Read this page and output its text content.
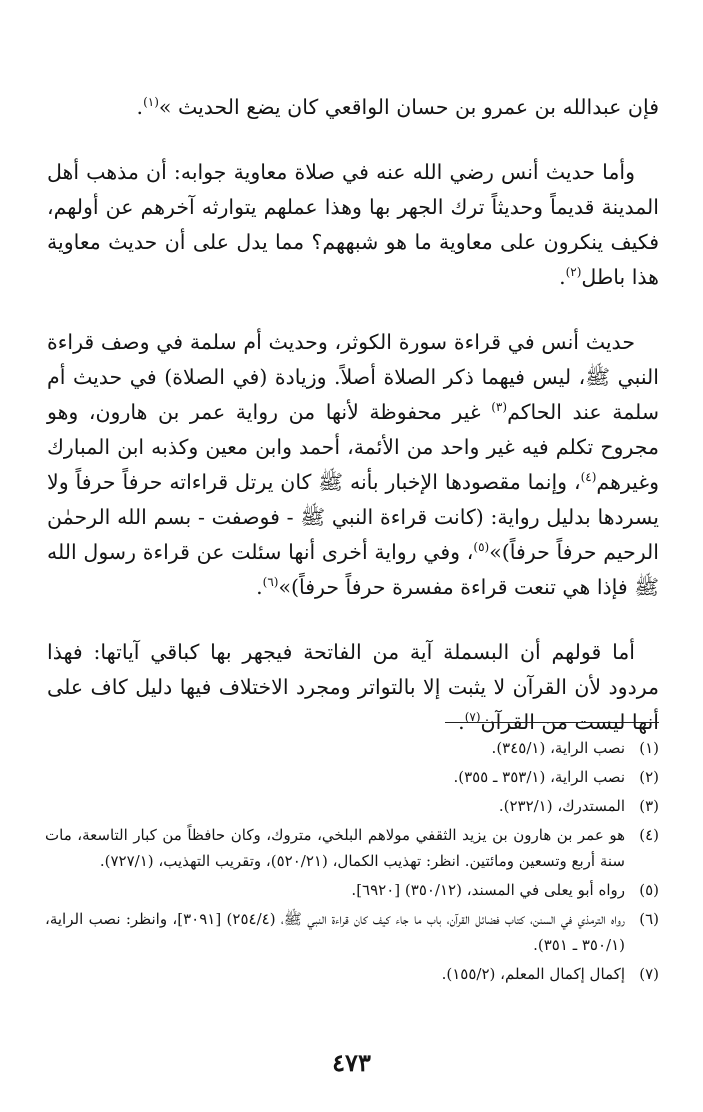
فإن عبدالله بن عمرو بن حسان الواقعي كان يضع الحديث »$^{(١)}$.

وأما حديث أنس رضي الله عنه في صلاة معاوية جوابه: أن مذهب أهل المدينة قديماً وحديثاً ترك الجهر بها وهذا عملهم يتوارثه آخرهم عن أولهم، فكيف ينكرون على معاوية ما هو شبههم؟ مما يدل على أن حديث معاوية هذا باطل$^{(٢)}$.

حديث أنس في قراءة سورة الكوثر، وحديث أم سلمة في وصف قراءة النبي ﷺ، ليس فيهما ذكر الصلاة أصلاً. وزيادة (في الصلاة) في حديث أم سلمة عند الحاكم$^{(٣)}$ غير محفوظة لأنها من رواية عمر بن هارون، وهو مجروح تكلم فيه غير واحد من الأئمة، أحمد وابن معين وكذبه ابن المبارك وغيرهم$^{(٤)}$، وإنما مقصودها الإخبار بأنه ﷺ كان يرتل قراءاته حرفاً حرفاً ولا يسردها بدليل رواية: (كانت قراءة النبي ﷺ - فوصفت - بسم الله الرحمٰن الرحيم حرفاً حرفاً)»$^{(٥)}$، وفي رواية أخرى أنها سئلت عن قراءة رسول الله ﷺ فإذا هي تنعت قراءة مفسرة حرفاً حرفاً)»$^{(٦)}$.

أما قولهم أن البسملة آية من الفاتحة فيجهر بها كباقي آياتها: فهذا مردود لأن القرآن لا يثبت إلا بالتواتر ومجرد الاختلاف فيها دليل كاف على أنها ليست من القرآن$^{(٧)}$.

(١)
نصب الراية، (٣٤٥/١).
(٢)
نصب الراية، (٣٥٣/١ ـ ٣٥٥).
(٣)
المستدرك، (٢٣٢/١).
(٤)
هو عمر بن هارون بن يزيد الثقفي مولاهم البلخي، متروك، وكان حافظاً من كبار التاسعة، مات سنة أربع وتسعين ومائتين. انظر: تهذيب الكمال، (٥٢٠/٢١)، وتقريب التهذيب، (٧٢٧/١).
(٥)
رواه أبو يعلى في المسند، (٣٥٠/١٢) [٦٩٢٠].
(٦)
رواه الترمذي في السنن، كتاب فضائل القرآن، باب ما جاء كيف كان قراءة النبي ﷺ، (٢٥٤/٤) [٣٠٩١]، وانظر: نصب الراية، (٣٥٠/١ ـ ٣٥١).
(٧)
إكمال إكمال المعلم، (١٥٥/٢).
٤٧٣
